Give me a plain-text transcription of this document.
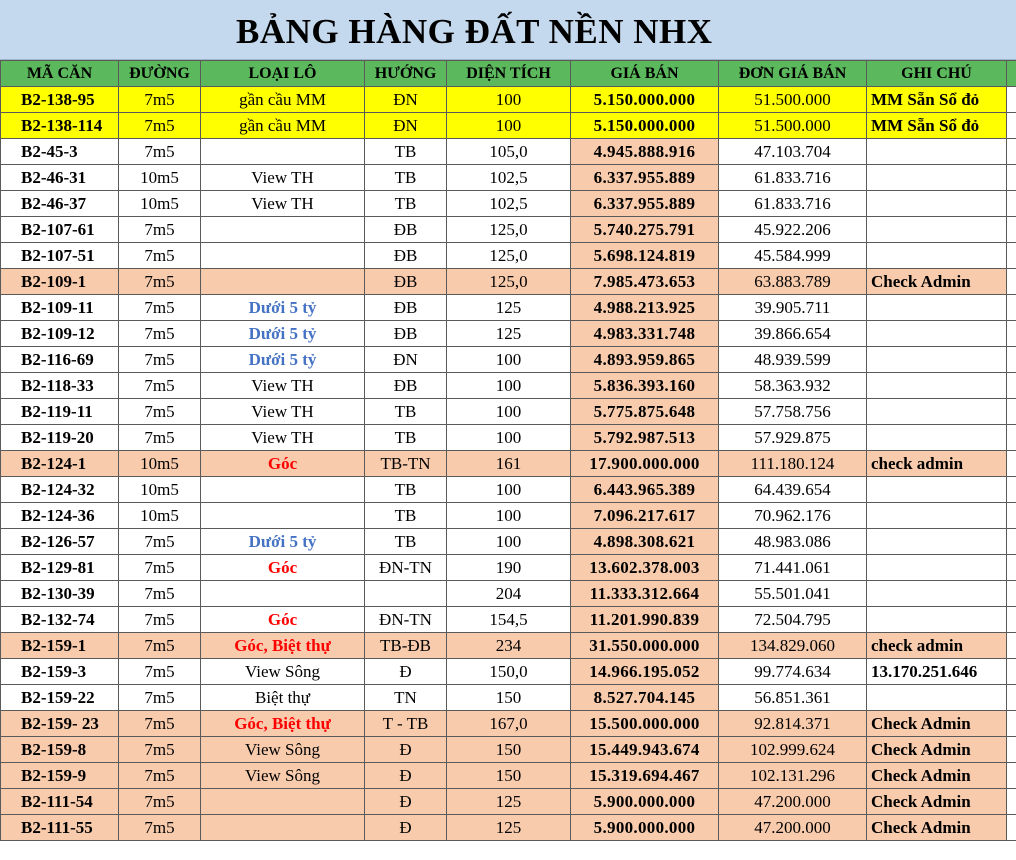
BẢNG HÀNG ĐẤT NỀN NHX
MÃ CĂN	ĐƯỜNG	LOẠI LÔ	HƯỚNG	DIỆN TÍCH	GIÁ BÁN	ĐƠN GIÁ BÁN	GHI CHÚ	
B2-138-95	7m5	gần cầu MM	ĐN	100	5.150.000.000	51.500.000	MM Sẵn Sổ đỏ	
B2-138-114	7m5	gần cầu MM	ĐN	100	5.150.000.000	51.500.000	MM Sẵn Sổ đỏ	
B2-45-3	7m5		TB	105,0	4.945.888.916	47.103.704		
B2-46-31	10m5	View TH	TB	102,5	6.337.955.889	61.833.716		
B2-46-37	10m5	View TH	TB	102,5	6.337.955.889	61.833.716		
B2-107-61	7m5		ĐB	125,0	5.740.275.791	45.922.206		
B2-107-51	7m5		ĐB	125,0	5.698.124.819	45.584.999		
B2-109-1	7m5		ĐB	125,0	7.985.473.653	63.883.789	Check Admin	
B2-109-11	7m5	Dưới 5 tỷ	ĐB	125	4.988.213.925	39.905.711		
B2-109-12	7m5	Dưới 5 tỷ	ĐB	125	4.983.331.748	39.866.654		
B2-116-69	7m5	Dưới 5 tỷ	ĐN	100	4.893.959.865	48.939.599		
B2-118-33	7m5	View TH	ĐB	100	5.836.393.160	58.363.932		
B2-119-11	7m5	View TH	TB	100	5.775.875.648	57.758.756		
B2-119-20	7m5	View TH	TB	100	5.792.987.513	57.929.875		
B2-124-1	10m5	Góc	TB-TN	161	17.900.000.000	111.180.124	check admin	
B2-124-32	10m5		TB	100	6.443.965.389	64.439.654		
B2-124-36	10m5		TB	100	7.096.217.617	70.962.176		
B2-126-57	7m5	Dưới 5 tỷ	TB	100	4.898.308.621	48.983.086		
B2-129-81	7m5	Góc	ĐN-TN	190	13.602.378.003	71.441.061		
B2-130-39	7m5			204	11.333.312.664	55.501.041		
B2-132-74	7m5	Góc	ĐN-TN	154,5	11.201.990.839	72.504.795		
B2-159-1	7m5	Góc, Biệt thự	TB-ĐB	234	31.550.000.000	134.829.060	check admin	
B2-159-3	7m5	View Sông	Đ	150,0	14.966.195.052	99.774.634	13.170.251.646	
B2-159-22	7m5	Biệt thự	TN	150	8.527.704.145	56.851.361		
B2-159- 23	7m5	Góc, Biệt thự	T - TB	167,0	15.500.000.000	92.814.371	Check Admin	
B2-159-8	7m5	View Sông	Đ	150	15.449.943.674	102.999.624	Check Admin	
B2-159-9	7m5	View Sông	Đ	150	15.319.694.467	102.131.296	Check Admin	
B2-111-54	7m5		Đ	125	5.900.000.000	47.200.000	Check Admin	
B2-111-55	7m5		Đ	125	5.900.000.000	47.200.000	Check Admin	
